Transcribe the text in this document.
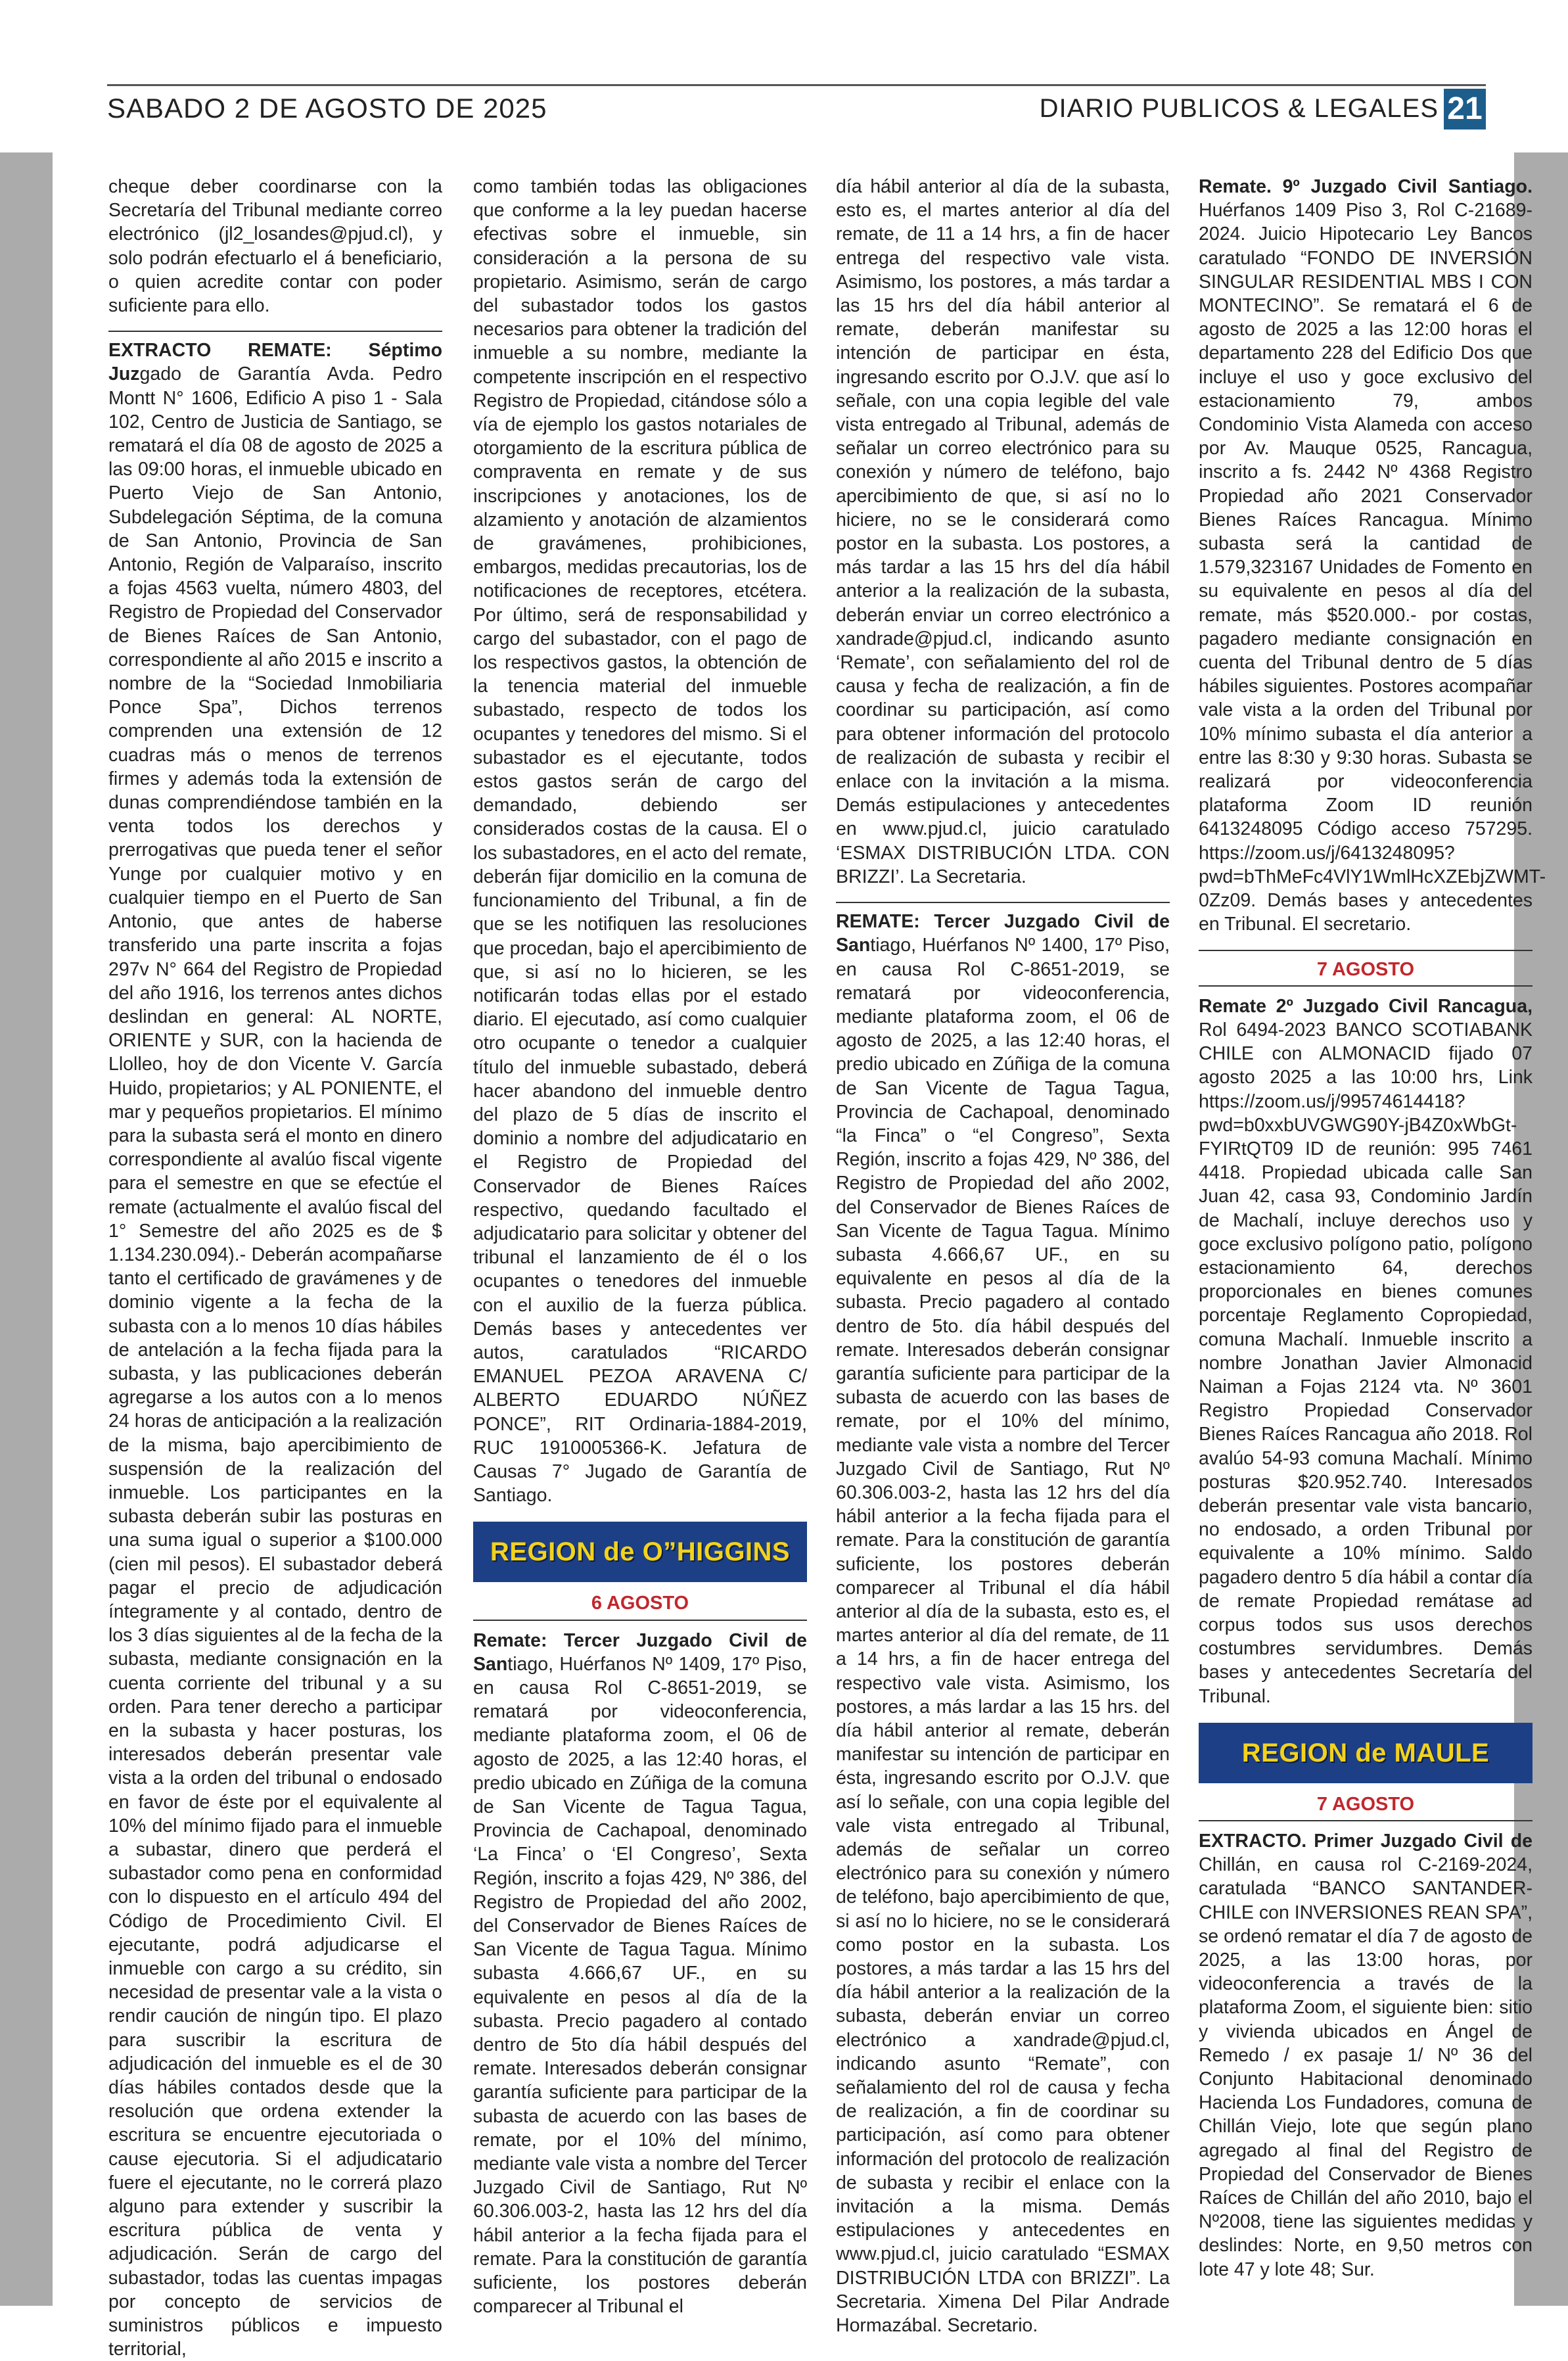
SABADO 2 DE AGOSTO DE 2025	DIARIO PUBLICOS & LEGALES 21

cheque deber coordinarse con la Secretaría del Tribunal mediante correo electrónico (jl2_losandes@pjud.cl), y solo podrán efectuarlo el á beneficiario, o quien acredite contar con poder suficiente para ello.

EXTRACTO REMATE: Séptimo Juzgado de Garantía Avda. Pedro Montt N° 1606, Edificio A piso 1 - Sala 102, Centro de Justicia de Santiago, se rematará el día 08 de agosto de 2025 a las 09:00 horas, el inmueble ubicado en Puerto Viejo de San Antonio, Subdelegación Séptima, de la comuna de San Antonio, Provincia de San Antonio, Región de Valparaíso, inscrito a fojas 4563 vuelta, número 4803, del Registro de Propiedad del Conservador de Bienes Raíces de San Antonio, correspondiente al año 2015 e inscrito a nombre de la “Sociedad Inmobiliaria Ponce Spa”, Dichos terrenos comprenden una extensión de 12 cuadras más o menos de terrenos firmes y además toda la extensión de dunas comprendiéndose también en la venta todos los derechos y prerrogativas que pueda tener el señor Yunge por cualquier motivo y en cualquier tiempo en el Puerto de San Antonio, que antes de haberse transferido una parte inscrita a fojas 297v N° 664 del Registro de Propiedad del año 1916, los terrenos antes dichos deslindan en general: AL NORTE, ORIENTE y SUR, con la hacienda de Llolleo, hoy de don Vicente V. García Huido, propietarios; y AL PONIENTE, el mar y pequeños propietarios. El mínimo para la subasta será el monto en dinero correspondiente al avalúo fiscal vigente para el semestre en que se efectúe el remate (actualmente el avalúo fiscal del 1° Semestre del año 2025 es de $ 1.134.230.094).- Deberán acompañarse tanto el certificado de gravámenes y de dominio vigente a la fecha de la subasta con a lo menos 10 días hábiles de antelación a la fecha fijada para la subasta, y las publicaciones deberán agregarse a los autos con a lo menos 24 horas de anticipación a la realización de la misma, bajo apercibimiento de suspensión de la realización del inmueble. Los participantes en la subasta deberán subir las posturas en una suma igual o superior a $100.000 (cien mil pesos). El subastador deberá pagar el precio de adjudicación íntegramente y al contado, dentro de los 3 días siguientes al de la fecha de la subasta, mediante consignación en la cuenta corriente del tribunal y a su orden. Para tener derecho a participar en la subasta y hacer posturas, los interesados deberán presentar vale vista a la orden del tribunal o endosado en favor de éste por el equivalente al 10% del mínimo fijado para el inmueble a subastar, dinero que perderá el subastador como pena en conformidad con lo dispuesto en el artículo 494 del Código de Procedimiento Civil. El ejecutante, podrá adjudicarse el inmueble con cargo a su crédito, sin necesidad de presentar vale a la vista o rendir caución de ningún tipo. El plazo para suscribir la escritura de adjudicación del inmueble es el de 30 días hábiles contados desde que la resolución que ordena extender la escritura se encuentre ejecutoriada o cause ejecutoria. Si el adjudicatario fuere el ejecutante, no le correrá plazo alguno para extender y suscribir la escritura pública de venta y adjudicación. Serán de cargo del subastador, todas las cuentas impagas por concepto de servicios de suministros públicos e impuesto territorial,

como también todas las obligaciones que conforme a la ley puedan hacerse efectivas sobre el inmueble, sin consideración a la persona de su propietario. Asimismo, serán de cargo del subastador todos los gastos necesarios para obtener la tradición del inmueble a su nombre, mediante la competente inscripción en el respectivo Registro de Propiedad, citándose sólo a vía de ejemplo los gastos notariales de otorgamiento de la escritura pública de compraventa en remate y de sus inscripciones y anotaciones, los de alzamiento y anotación de alzamientos de gravámenes, prohibiciones, embargos, medidas precautorias, los de notificaciones de receptores, etcétera. Por último, será de responsabilidad y cargo del subastador, con el pago de los respectivos gastos, la obtención de la tenencia material del inmueble subastado, respecto de todos los ocupantes y tenedores del mismo. Si el subastador es el ejecutante, todos estos gastos serán de cargo del demandado, debiendo ser considerados costas de la causa. El o los subastadores, en el acto del remate, deberán fijar domicilio en la comuna de funcionamiento del Tribunal, a fin de que se les notifiquen las resoluciones que procedan, bajo el apercibimiento de que, si así no lo hicieren, se les notificarán todas ellas por el estado diario. El ejecutado, así como cualquier otro ocupante o tenedor a cualquier título del inmueble subastado, deberá hacer abandono del inmueble dentro del plazo de 5 días de inscrito el dominio a nombre del adjudicatario en el Registro de Propiedad del Conservador de Bienes Raíces respectivo, quedando facultado el adjudicatario para solicitar y obtener del tribunal el lanzamiento de él o los ocupantes o tenedores del inmueble con el auxilio de la fuerza pública. Demás bases y antecedentes ver autos, caratulados “RICARDO EMANUEL PEZOA ARAVENA C/ ALBERTO EDUARDO NÚÑEZ PONCE”, RIT Ordinaria-1884-2019, RUC 1910005366-K. Jefatura de Causas 7° Jugado de Garantía de Santiago.

REGION de O”HIGGINS
6 AGOSTO

Remate: Tercer Juzgado Civil de Santiago, Huérfanos Nº 1409, 17º Piso, en causa Rol C-8651-2019, se rematará por videoconferencia, mediante plataforma zoom, el 06 de agosto de 2025, a las 12:40 horas, el predio ubicado en Zúñiga de la comuna de San Vicente de Tagua Tagua, Provincia de Cachapoal, denominado ‘La Finca’ o ‘El Congreso’, Sexta Región, inscrito a fojas 429, Nº 386, del Registro de Propiedad del año 2002, del Conservador de Bienes Raíces de San Vicente de Tagua Tagua. Mínimo subasta 4.666,67 UF., en su equivalente en pesos al día de la subasta. Precio pagadero al contado dentro de 5to día hábil después del remate. Interesados deberán consignar garantía suficiente para participar de la subasta de acuerdo con las bases de remate, por el 10% del mínimo, mediante vale vista a nombre del Tercer Juzgado Civil de Santiago, Rut Nº 60.306.003-2, hasta las 12 hrs del día hábil anterior a la fecha fijada para el remate. Para la constitución de garantía suficiente, los postores deberán comparecer al Tribunal el

día hábil anterior al día de la subasta, esto es, el martes anterior al día del remate, de 11 a 14 hrs, a fin de hacer entrega del respectivo vale vista. Asimismo, los postores, a más tardar a las 15 hrs del día hábil anterior al remate, deberán manifestar su intención de participar en ésta, ingresando escrito por O.J.V. que así lo señale, con una copia legible del vale vista entregado al Tribunal, además de señalar un correo electrónico para su conexión y número de teléfono, bajo apercibimiento de que, si así no lo hiciere, no se le considerará como postor en la subasta. Los postores, a más tardar a las 15 hrs del día hábil anterior a la realización de la subasta, deberán enviar un correo electrónico a xandrade@pjud.cl, indicando asunto ‘Remate’, con señalamiento del rol de causa y fecha de realización, a fin de coordinar su participación, así como para obtener información del protocolo de realización de subasta y recibir el enlace con la invitación a la misma. Demás estipulaciones y antecedentes en www.pjud.cl, juicio caratulado ‘ESMAX DISTRIBUCIÓN LTDA. CON BRIZZI’. La Secretaria.

REMATE: Tercer Juzgado Civil de Santiago, Huérfanos Nº 1400, 17º Piso, en causa Rol C-8651-2019, se rematará por videoconferencia, mediante plataforma zoom, el 06 de agosto de 2025, a las 12:40 horas, el predio ubicado en Zúñiga de la comuna de San Vicente de Tagua Tagua, Provincia de Cachapoal, denominado “la Finca” o “el Congreso”, Sexta Región, inscrito a fojas 429, Nº 386, del Registro de Propiedad del año 2002, del Conservador de Bienes Raíces de San Vicente de Tagua Tagua. Mínimo subasta 4.666,67 UF., en su equivalente en pesos al día de la subasta. Precio pagadero al contado dentro de 5to. día hábil después del remate. Interesados deberán consignar garantía suficiente para participar de la subasta de acuerdo con las bases de remate, por el 10% del mínimo, mediante vale vista a nombre del Tercer Juzgado Civil de Santiago, Rut Nº 60.306.003-2, hasta las 12 hrs del día hábil anterior a la fecha fijada para el remate. Para la constitución de garantía suficiente, los postores deberán comparecer al Tribunal el día hábil anterior al día de la subasta, esto es, el martes anterior al día del remate, de 11 a 14 hrs, a fin de hacer entrega del respectivo vale vista. Asimismo, los postores, a más lardar a las 15 hrs. del día hábil anterior al remate, deberán manifestar su intención de participar en ésta, ingresando escrito por O.J.V. que así lo señale, con una copia legible del vale vista entregado al Tribunal, además de señalar un correo electrónico para su conexión y número de teléfono, bajo apercibimiento de que, si así no lo hiciere, no se le considerará como postor en la subasta. Los postores, a más tardar a las 15 hrs del día hábil anterior a la realización de la subasta, deberán enviar un correo electrónico a xandrade@pjud.cl, indicando asunto “Remate”, con señalamiento del rol de causa y fecha de realización, a fin de coordinar su participación, así como para obtener información del protocolo de realización de subasta y recibir el enlace con la invitación a la misma. Demás estipulaciones y antecedentes en www.pjud.cl, juicio caratulado “ESMAX DISTRIBUCIÓN LTDA con BRIZZI”. La Secretaria. Ximena Del Pilar Andrade Hormazábal. Secretario.

Remate. 9º Juzgado Civil Santiago. Huérfanos 1409 Piso 3, Rol C-21689-2024. Juicio Hipotecario Ley Bancos caratulado “FONDO DE INVERSIÓN SINGULAR RESIDENTIAL MBS I CON MONTECINO”. Se rematará el 6 de agosto de 2025 a las 12:00 horas el departamento 228 del Edificio Dos que incluye el uso y goce exclusivo del estacionamiento 79, ambos Condominio Vista Alameda con acceso por Av. Mauque 0525, Rancagua, inscrito a fs. 2442 Nº 4368 Registro Propiedad año 2021 Conservador Bienes Raíces Rancagua. Mínimo subasta será la cantidad de 1.579,323167 Unidades de Fomento en su equivalente en pesos al día del remate, más $520.000.- por costas, pagadero mediante consignación en cuenta del Tribunal dentro de 5 días hábiles siguientes. Postores acompañar vale vista a la orden del Tribunal por 10% mínimo subasta el día anterior a entre las 8:30 y 9:30 horas. Subasta se realizará por videoconferencia plataforma Zoom ID reunión 6413248095 Código acceso 757295. https://zoom.us/j/6413248095?pwd=bThMeFc4VlY1WmlHcXZEbjZWMT-0Zz09. Demás bases y antecedentes en Tribunal. El secretario.

7 AGOSTO

Remate 2º Juzgado Civil Rancagua, Rol 6494-2023 BANCO SCOTIABANK CHILE con ALMONACID fijado 07 agosto 2025 a las 10:00 hrs, Link https://zoom.us/j/99574614418?pwd=b0xxbUVGWG90Y-jB4Z0xWbGt-FYIRtQT09 ID de reunión: 995 7461 4418. Propiedad ubicada calle San Juan 42, casa 93, Condominio Jardín de Machalí, incluye derechos uso y goce exclusivo polígono patio, polígono estacionamiento 64, derechos proporcionales en bienes comunes porcentaje Reglamento Copropiedad, comuna Machalí. Inmueble inscrito a nombre Jonathan Javier Almonacid Naiman a Fojas 2124 vta. Nº 3601 Registro Propiedad Conservador Bienes Raíces Rancagua año 2018. Rol avalúo 54-93 comuna Machalí. Mínimo posturas $20.952.740. Interesados deberán presentar vale vista bancario, no endosado, a orden Tribunal por equivalente a 10% mínimo. Saldo pagadero dentro 5 día hábil a contar día de remate Propiedad remátase ad corpus todos sus usos derechos costumbres servidumbres. Demás bases y antecedentes Secretaría del Tribunal.

REGION de MAULE
7 AGOSTO

EXTRACTO. Primer Juzgado Civil de Chillán, en causa rol C-2169-2024, caratulada “BANCO SANTANDER- CHILE con INVERSIONES REAN SPA”, se ordenó rematar el día 7 de agosto de 2025, a las 13:00 horas, por videoconferencia a través de la plataforma Zoom, el siguiente bien: sitio y vivienda ubicados en Ángel de Remedo / ex pasaje 1/ Nº 36 del Conjunto Habitacional denominado Hacienda Los Fundadores, comuna de Chillán Viejo, lote que según plano agregado al final del Registro de Propiedad del Conservador de Bienes Raíces de Chillán del año 2010, bajo el Nº2008, tiene las siguientes medidas y deslindes: Norte, en 9,50 metros con lote 47 y lote 48; Sur.
